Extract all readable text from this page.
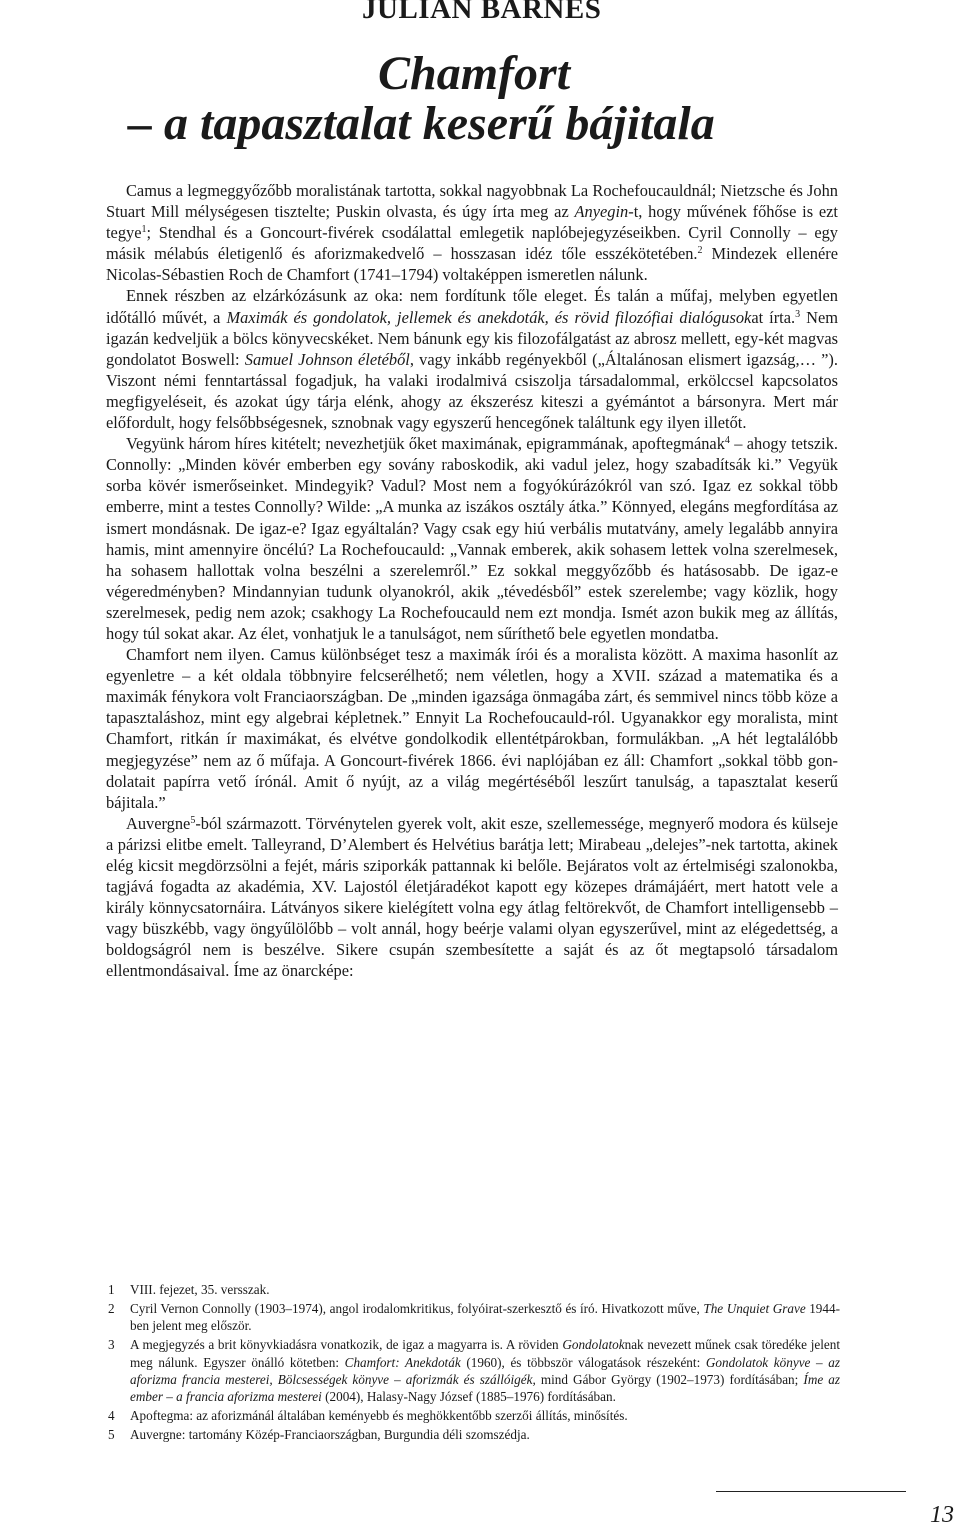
JULIAN BARNES
Chamfort
– a tapasztalat keserű bájitala

Camus a legmeggyőzőbb moralistának tartotta, sokkal nagyobbnak La Rochefoucauldnál; Nietzsche és John Stuart Mill mélységesen tisztelte; Puskin olvasta, és úgy írta meg az Anyegin-t, hogy művének főhőse is ezt tegye$^1$; Stendhal és a Goncourt-fivérek csodálattal emlegetik naplóbejegyzéseikben. Cyril Connolly – egy másik mélabús életigenlő és aforizmakedvelő – hosszasan idéz tőle esszékötetében.$^2$ Mindezek ellenére Nicolas-Sébastien Roch de Chamfort (1741–1794) voltaképpen ismeretlen nálunk.

Ennek részben az elzárkózásunk az oka: nem fordítunk tőle eleget. És talán a műfaj, melyben egyetlen időtálló művét, a Maximák és gondolatok, jellemek és anekdoták, és rövid filozófiai dialógusokat írta.$^3$ Nem igazán kedveljük a bölcs könyvecskéket. Nem bánunk egy kis filozofálgatást az abrosz mellett, egy-két magvas gondolatot Boswell: Samuel Johnson életéből, vagy inkább regényekből („Általánosan elismert igazság,… ”). Viszont némi fenntartással fogadjuk, ha valaki irodalmivá csiszolja társadalommal, erkölccsel kapcsolatos megfigyeléseit, és azokat úgy tárja elénk, ahogy az ékszerész kiteszi a gyémántot a bársonyra. Mert már előfordult, hogy felsőbbségesnek, sznobnak vagy egyszerű hencegőnek találtunk egy ilyen illetőt.

Vegyünk három híres kitételt; nevezhetjük őket maximának, epigrammának, apoftegmának$^4$ – ahogy tetszik. Connolly: „Minden kövér emberben egy sovány raboskodik, aki vadul jelez, hogy szabadítsák ki.” Vegyük sorba kövér ismerőseinket. Mindegyik? Vadul? Most nem a fogyókúrázókról van szó. Igaz ez sokkal több emberre, mint a testes Connolly? Wilde: „A munka az iszákos osztály átka.” Könnyed, elegáns megfordítása az ismert mondásnak. De igaz-e? Igaz egyáltalán? Vagy csak egy hiú verbális mutatvány, amely legalább annyira hamis, mint amennyire öncélú? La Rochefoucauld: „Vannak emberek, akik sohasem lettek volna szerelmesek, ha sohasem hallottak volna beszélni a szerelemről.” Ez sokkal meggyőzőbb és hatásosabb. De igaz-e végeredményben? Mindannyian tudunk olyanokról, akik „tévedésből” estek szerelembe; vagy közlik, hogy szerelmesek, pedig nem azok; csakhogy La Rochefoucauld nem ezt mondja. Ismét azon bukik meg az állítás, hogy túl sokat akar. Az élet, vonhatjuk le a tanulságot, nem sűríthető bele egyetlen mondatba.

Chamfort nem ilyen. Camus különbséget tesz a maximák írói és a moralista között. A maxima hasonlít az egyenletre – a két oldala többnyire felcserélhető; nem véletlen, hogy a XVII. század a matematika és a maximák fénykora volt Franciaországban. De „minden igazsága önmagába zárt, és semmivel nincs több köze a tapasztaláshoz, mint egy algebrai képletnek.” Ennyit La Rochefoucauld-ról. Ugyanakkor egy moralista, mint Chamfort, ritkán ír maximákat, és elvétve gondolkodik ellentétpárokban, formulákban. „A hét legtalálóbb megjegyzése” nem az ő műfaja. A Goncourt-fivérek 1866. évi naplójában ez áll: Chamfort „sokkal több gondolatait papírra vető írónál. Amit ő nyújt, az a világ megértéséből leszűrt tanulság, a tapasztalat keserű bájitala.”

Auvergne$^5$-ból származott. Törvénytelen gyerek volt, akit esze, szellemessége, megnyerő modora és külseje a párizsi elitbe emelt. Talleyrand, D’Alembert és Helvétius barátja lett; Mirabeau „delejes”-nek tartotta, akinek elég kicsit megdörzsölni a fejét, máris sziporkák pattannak ki belőle. Bejáratos volt az értelmiségi szalonokba, tagjává fogadta az akadémia, XV. Lajostól életjáradékot kapott egy közepes drámájáért, mert hatott vele a király könnycsatornáira. Látványos sikere kielégített volna egy átlag feltörekvőt, de Chamfort intelligensebb – vagy büszkébb, vagy öngyűlölőbb – volt annál, hogy beérje valami olyan egyszerűvel, mint az elégedettség, a boldogságról nem is beszélve. Sikere csupán szembesítette a saját és az őt megtapsoló társadalom ellentmondásaival. Íme az önarcképe:

1	VIII. fejezet, 35. versszak.
2	Cyril Vernon Connolly (1903–1974), angol irodalomkritikus, folyóirat-szerkesztő és író. Hivatkozott műve, The Unquiet Grave 1944-ben jelent meg először.
3	A megjegyzés a brit könyvkiadásra vonatkozik, de igaz a magyarra is. A röviden Gondolatoknak nevezett műnek csak töredéke jelent meg nálunk. Egyszer önálló kötetben: Chamfort: Anekdoták (1960), és többször válogatások részeként: Gondolatok könyve – az aforizma francia mesterei, Bölcsességek könyve – aforizmák és szállóigék, mind Gábor György (1902–1973) fordításában; Íme az ember – a francia aforizma mesterei (2004), Halasy-Nagy József (1885–1976) fordításában.
4	Apoftegma: az aforizmánál általában keményebb és meghökkentőbb szerzői állítás, minősítés.
5	Auvergne: tartomány Közép-Franciaországban, Burgundia déli szomszédja.
13
